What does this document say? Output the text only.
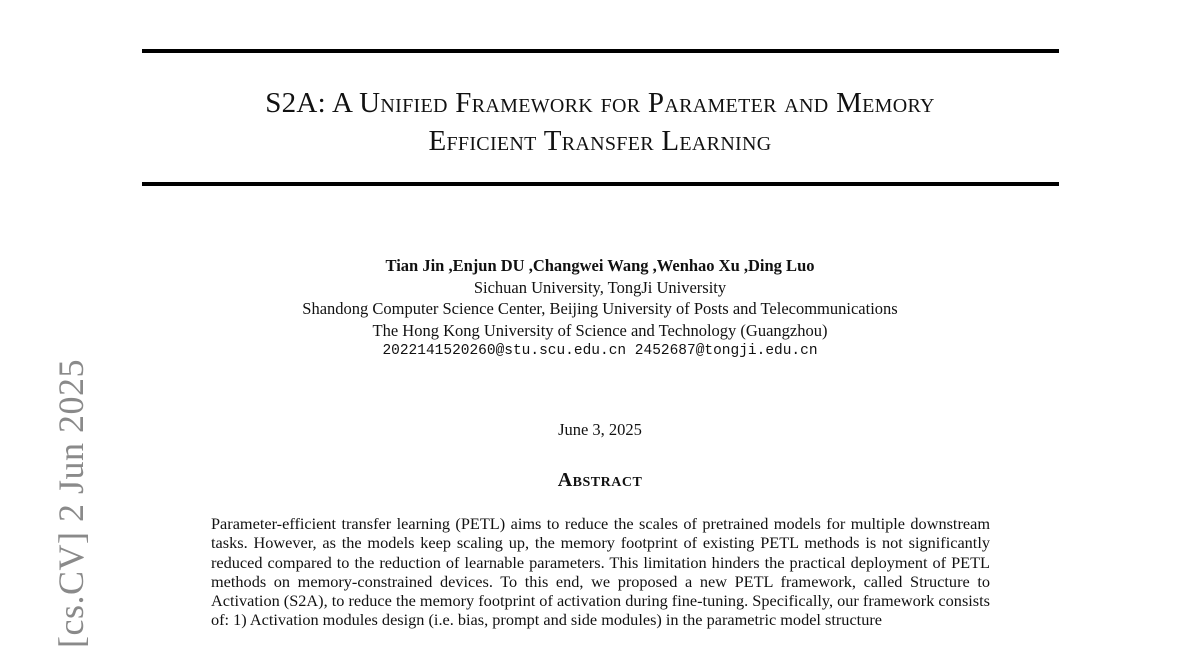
S2A: A Unified Framework for Parameter and Memory
Efficient Transfer Learning
Tian Jin ,Enjun DU ,Changwei Wang ,Wenhao Xu ,Ding Luo
Sichuan University, TongJi University
Shandong Computer Science Center, Beijing University of Posts and Telecommunications
The Hong Kong University of Science and Technology (Guangzhou)
2022141520260@stu.scu.edu.cn 2452687@tongji.edu.cn
June 3, 2025
Abstract
Parameter-efficient transfer learning (PETL) aims to reduce the scales of pretrained models for multiple downstream tasks. However, as the models keep scaling up, the memory footprint of existing PETL methods is not significantly reduced compared to the reduction of learnable parameters. This limitation hinders the practical deployment of PETL methods on memory-constrained devices. To this end, we proposed a new PETL framework, called Structure to Activation (S2A), to reduce the memory footprint of activation during fine-tuning. Specifically, our framework consists of: 1) Activation modules design (i.e. bias, prompt and side modules) in the parametric model structure
[cs.CV] 2 Jun 2025
